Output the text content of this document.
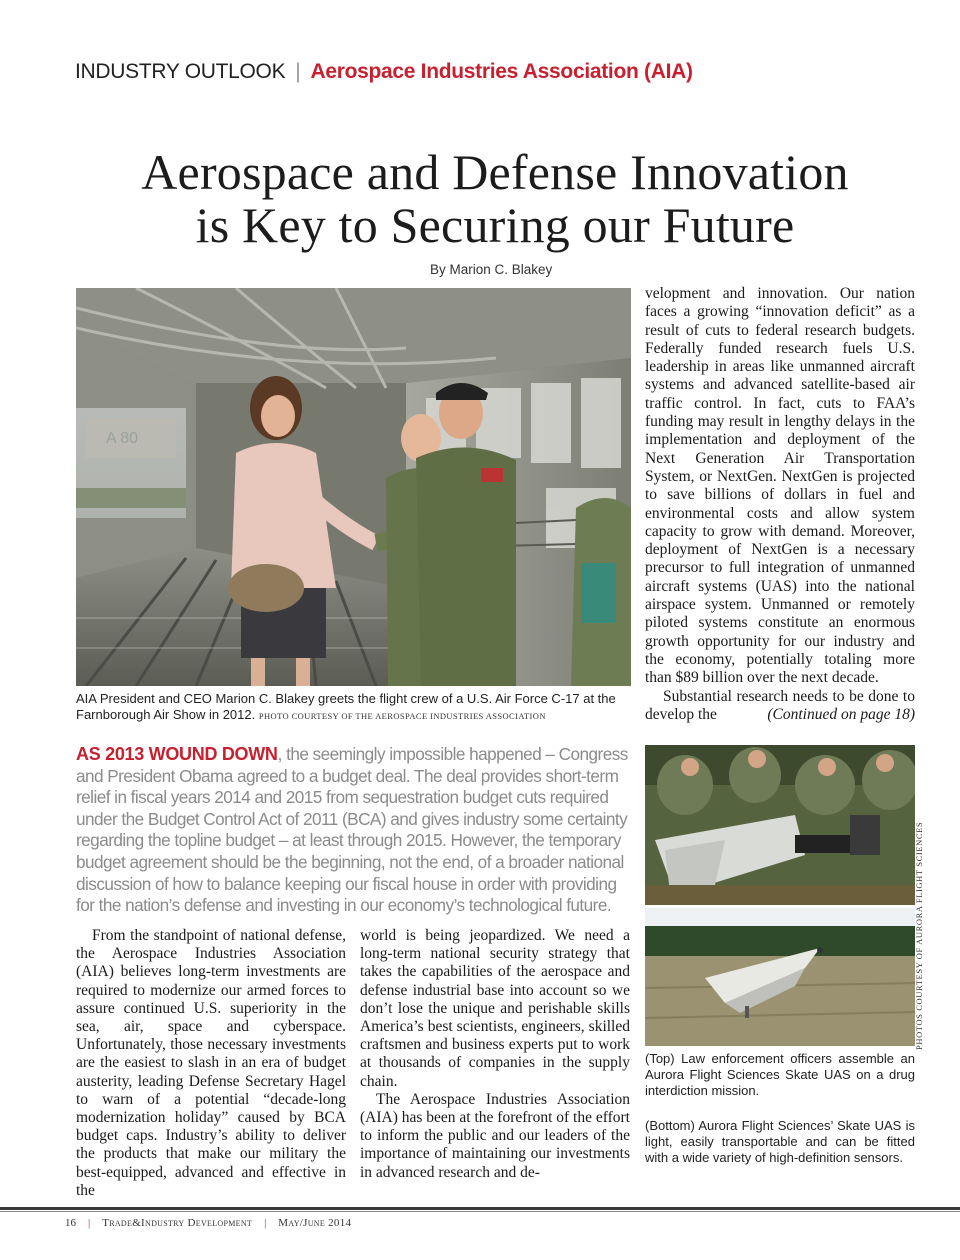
INDUSTRY OUTLOOK | Aerospace Industries Association (AIA)
Aerospace and Defense Innovation
is Key to Securing our Future
By Marion C. Blakey
AIA President and CEO Marion C. Blakey greets the flight crew of a U.S. Air Force C-17 at the Farnborough Air Show in 2012. PHOTO COURTESY OF THE AEROSPACE INDUSTRIES ASSOCIATION

velopment and innovation. Our nation faces a growing “innovation deficit” as a result of cuts to federal research budgets. Federally funded research fuels U.S. leadership in areas like unmanned aircraft systems and advanced satellite-based air traffic control. In fact, cuts to FAA’s funding may result in lengthy delays in the implementation and deployment of the Next Generation Air Transportation System, or NextGen. NextGen is projected to save billions of dollars in fuel and environmental costs and allow system capacity to grow with demand. Moreover, deployment of NextGen is a necessary precursor to full integration of unmanned aircraft systems (UAS) into the national airspace system. Unmanned or remotely piloted systems constitute an enormous growth opportunity for our industry and the economy, potentially totaling more than $89 billion over the next decade.

Substantial research needs to be done to develop the	(Continued on page 18)

AS 2013 WOUND DOWN, the seemingly impossible happened – Congress and President Obama agreed to a budget deal. The deal provides short-term relief in fiscal years 2014 and 2015 from sequestration budget cuts required under the Budget Control Act of 2011 (BCA) and gives industry some certainty regarding the topline budget – at least through 2015. However, the temporary budget agreement should be the beginning, not the end, of a broader national discussion of how to balance keeping our fiscal house in order with providing for the nation’s defense and investing in our economy’s technological future.

From the standpoint of national defense, the Aerospace Industries Association (AIA) believes long-term investments are required to modernize our armed forces to assure continued U.S. superiority in the sea, air, space and cyberspace. Unfortunately, those necessary investments are the easiest to slash in an era of budget austerity, leading Defense Secretary Hagel to warn of a potential “decade-long modernization holiday” caused by BCA budget caps. Industry’s ability to deliver the products that make our military the best-equipped, advanced and effective in the

world is being jeopardized. We need a long-term national security strategy that takes the capabilities of the aerospace and defense industrial base into account so we don’t lose the unique and perishable skills America’s best scientists, engineers, skilled craftsmen and business experts put to work at thousands of companies in the supply chain.

The Aerospace Industries Association (AIA) has been at the forefront of the effort to inform the public and our leaders of the importance of maintaining our investments in advanced research and de-

PHOTOS COURTESY OF AURORA FLIGHT SCIENCES
(Top) Law enforcement officers assemble an Aurora Flight Sciences Skate UAS on a drug interdiction mission.
(Bottom) Aurora Flight Sciences’ Skate UAS is light, easily transportable and can be fitted with a wide variety of high-definition sensors.
16 | Trade&Industry Development | May/June 2014
